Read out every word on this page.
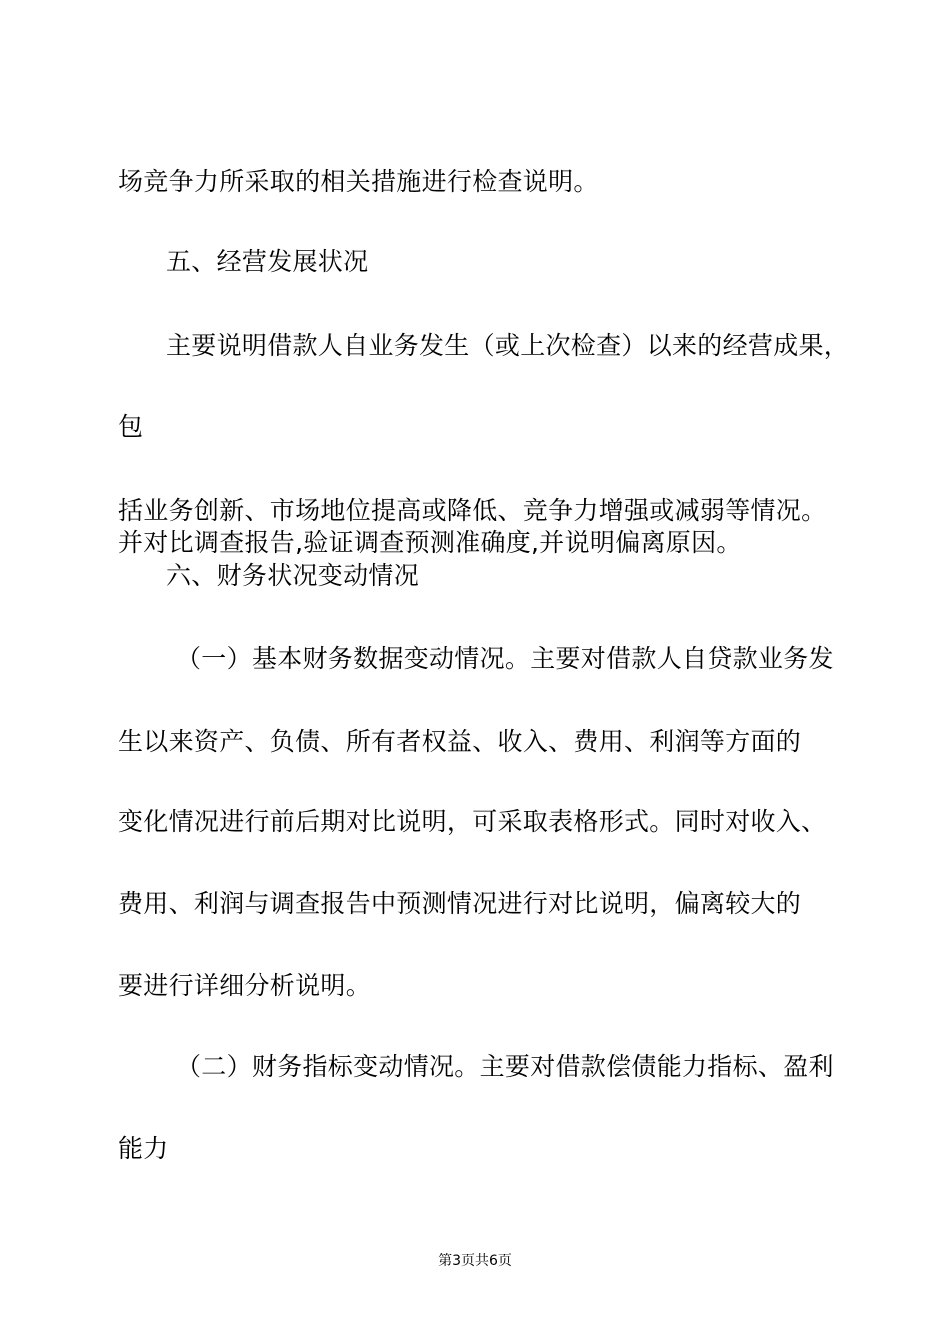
场竞争力所采取的相关措施进行检查说明。
五、经营发展状况
主要说明借款人自业务发生（或上次检查）以来的经营成果，
包
括业务创新、市场地位提高或降低、竞争力增强或减弱等情况。
并对比调查报告,验证调查预测准确度,并说明偏离原因。
六、财务状况变动情况
（一）基本财务数据变动情况。主要对借款人自贷款业务发
生以来资产、负债、所有者权益、收入、费用、利润等方面的
变化情况进行前后期对比说明，可采取表格形式。同时对收入、
费用、利润与调查报告中预测情况进行对比说明，偏离较大的
要进行详细分析说明。
（二）财务指标变动情况。主要对借款偿债能力指标、盈利
能力
第3页共6页
